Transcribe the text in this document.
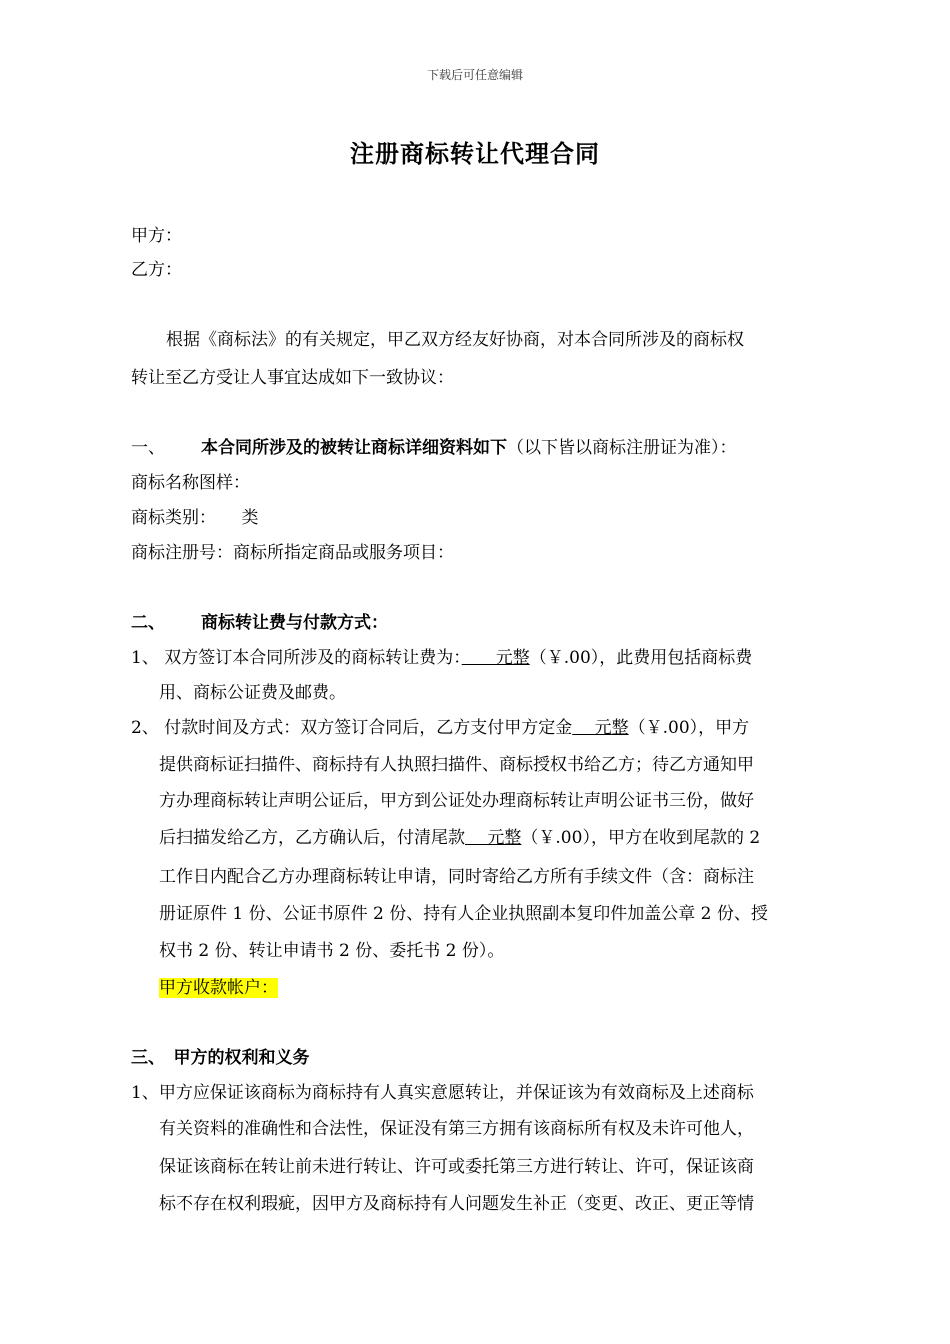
下载后可任意编辑
注册商标转让代理合同
甲方：
乙方：
根据《商标法》的有关规定，甲乙双方经友好协商，对本合同所涉及的商标权
转让至乙方受让人事宜达成如下一致协议：
一、 本合同所涉及的被转让商标详细资料如下（以下皆以商标注册证为准）：
商标名称图样：
商标类别：　　类
商标注册号：商标所指定商品或服务项目：
二、 商标转让费与付款方式：
1、 双方签订本合同所涉及的商标转让费为：　　元整（￥.00），此费用包括商标费
用、商标公证费及邮费。
2、 付款时间及方式：双方签订合同后，乙方支付甲方定金　 元整（￥.00），甲方
提供商标证扫描件、商标持有人执照扫描件、商标授权书给乙方；待乙方通知甲
方办理商标转让声明公证后，甲方到公证处办理商标转让声明公证书三份，做好
后扫描发给乙方，乙方确认后，付清尾款　 元整（￥.00），甲方在收到尾款的 2
工作日内配合乙方办理商标转让申请，同时寄给乙方所有手续文件（含：商标注
册证原件 1 份、公证书原件 2 份、持有人企业执照副本复印件加盖公章 2 份、授
权书 2 份、转让申请书 2 份、委托书 2 份）。
甲方收款帐户：
三、　 甲方的权利和义务
1、甲方应保证该商标为商标持有人真实意愿转让，并保证该为有效商标及上述商标
有关资料的准确性和合法性，保证没有第三方拥有该商标所有权及未许可他人，
保证该商标在转让前未进行转让、许可或委托第三方进行转让、许可，保证该商
标不存在权利瑕疵，因甲方及商标持有人问题发生补正（变更、改正、更正等情
